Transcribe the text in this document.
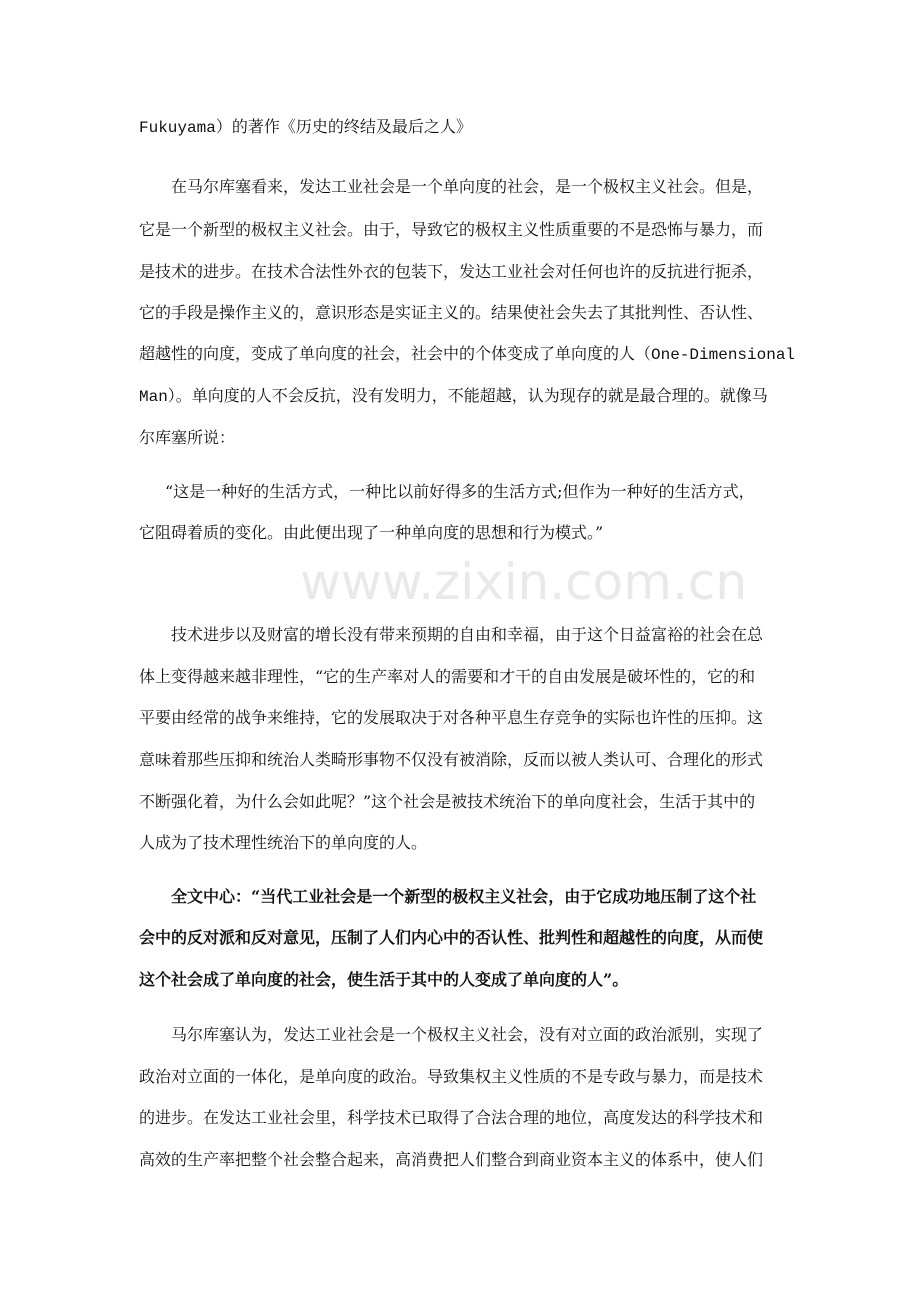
www.zixin.com.cn
Fukuyama）的著作《历史的终结及最后之人》
在马尔库塞看来，发达工业社会是一个单向度的社会，是一个极权主义社会。但是，
它是一个新型的极权主义社会。由于，导致它的极权主义性质重要的不是恐怖与暴力，而
是技术的进步。在技术合法性外衣的包装下，发达工业社会对任何也许的反抗进行扼杀，
它的手段是操作主义的，意识形态是实证主义的。结果使社会失去了其批判性、否认性、
超越性的向度，变成了单向度的社会，社会中的个体变成了单向度的人（One-Dimensional
Man）。单向度的人不会反抗，没有发明力，不能超越，认为现存的就是最合理的。就像马
尔库塞所说：
“这是一种好的生活方式，一种比以前好得多的生活方式;但作为一种好的生活方式，
它阻碍着质的变化。由此便出现了一种单向度的思想和行为模式。”
技术进步以及财富的增长没有带来预期的自由和幸福，由于这个日益富裕的社会在总
体上变得越来越非理性，“它的生产率对人的需要和才干的自由发展是破坏性的，它的和
平要由经常的战争来维持，它的发展取决于对各种平息生存竞争的实际也许性的压抑。这
意味着那些压抑和统治人类畸形事物不仅没有被消除，反而以被人类认可、合理化的形式
不断强化着，为什么会如此呢？”这个社会是被技术统治下的单向度社会，生活于其中的
人成为了技术理性统治下的单向度的人。
全文中心：“当代工业社会是一个新型的极权主义社会，由于它成功地压制了这个社
会中的反对派和反对意见，压制了人们内心中的否认性、批判性和超越性的向度，从而使
这个社会成了单向度的社会，使生活于其中的人变成了单向度的人”。
马尔库塞认为，发达工业社会是一个极权主义社会，没有对立面的政治派别，实现了
政治对立面的一体化，是单向度的政治。导致集权主义性质的不是专政与暴力，而是技术
的进步。在发达工业社会里，科学技术已取得了合法合理的地位，高度发达的科学技术和
高效的生产率把整个社会整合起来，高消费把人们整合到商业资本主义的体系中，使人们
